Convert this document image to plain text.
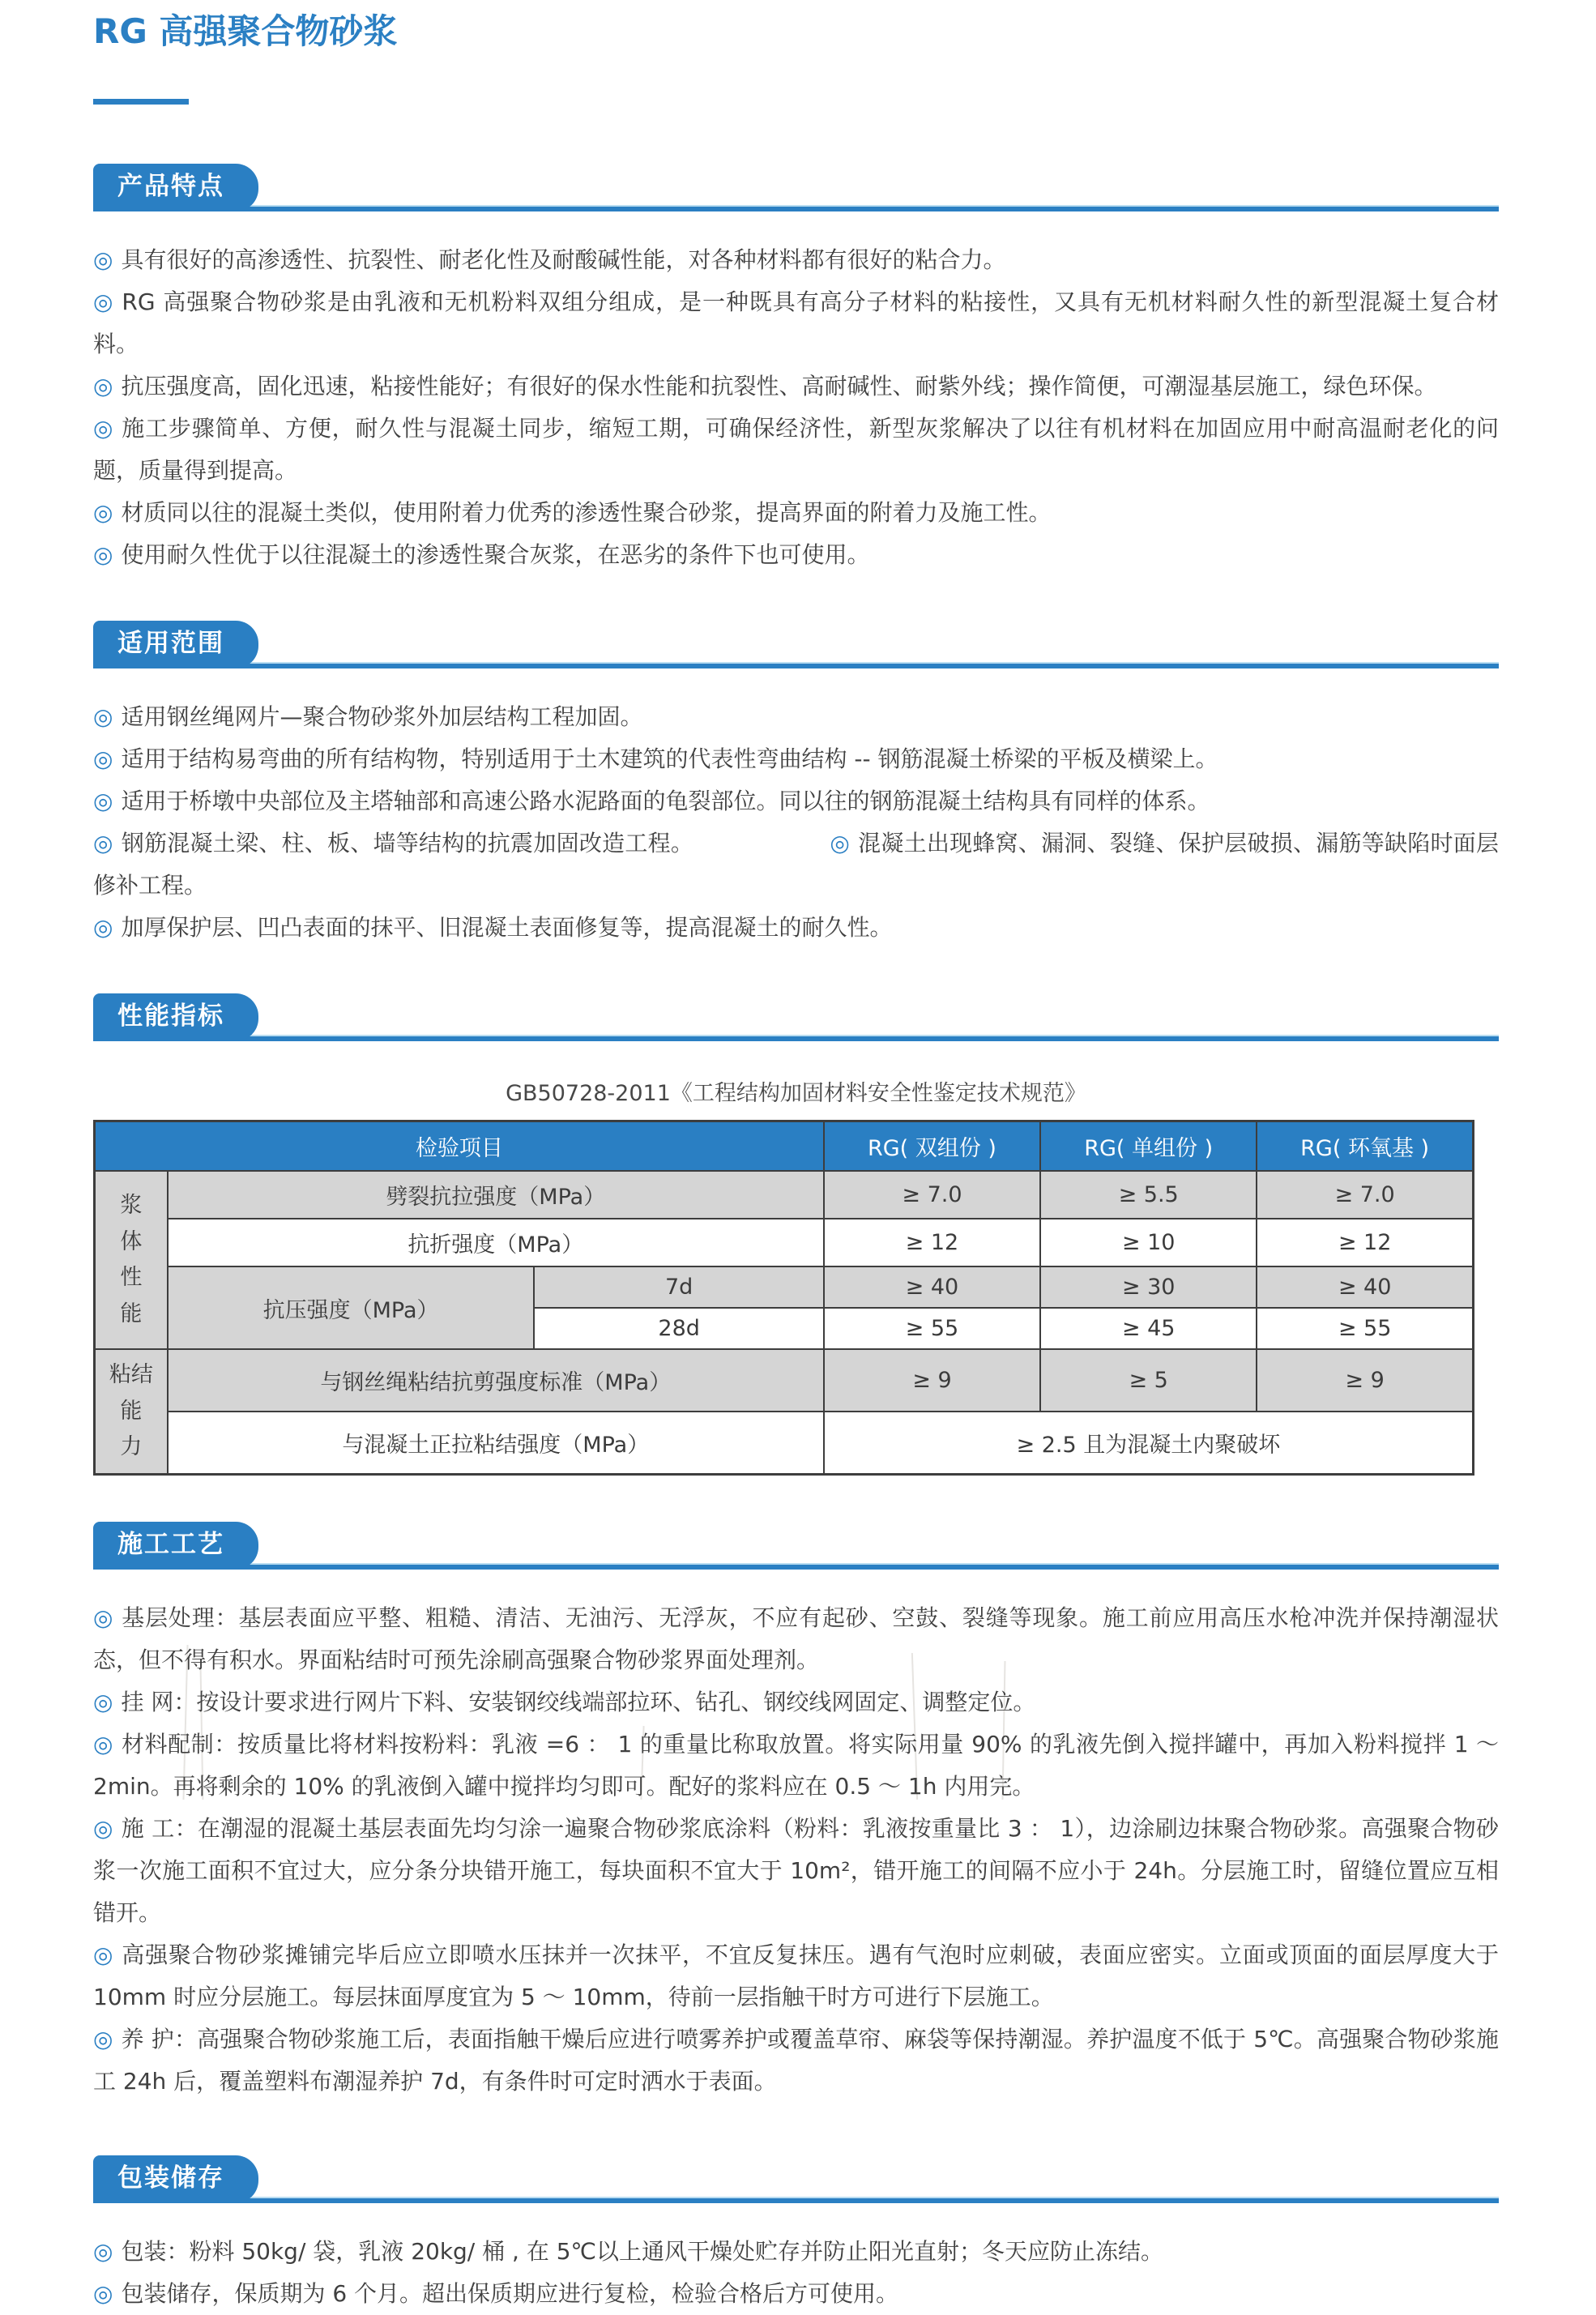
RG 高强聚合物砂浆
产品特点

◎ 具有很好的高渗透性、抗裂性、耐老化性及耐酸碱性能，对各种材料都有很好的粘合力。

◎ RG 高强聚合物砂浆是由乳液和无机粉料双组分组成，是一种既具有高分子材料的粘接性，又具有无机材料耐久性的新型混凝土复合材料。

◎ 抗压强度高，固化迅速，粘接性能好；有很好的保水性能和抗裂性、高耐碱性、耐紫外线；操作简便，可潮湿基层施工，绿色环保。

◎ 施工步骤简单、方便，耐久性与混凝土同步，缩短工期，可确保经济性，新型灰浆解决了以往有机材料在加固应用中耐高温耐老化的问题，质量得到提高。

◎ 材质同以往的混凝土类似，使用附着力优秀的渗透性聚合砂浆，提高界面的附着力及施工性。

◎ 使用耐久性优于以往混凝土的渗透性聚合灰浆，在恶劣的条件下也可使用。

适用范围

◎ 适用钢丝绳网片—聚合物砂浆外加层结构工程加固。

◎ 适用于结构易弯曲的所有结构物，特别适用于土木建筑的代表性弯曲结构 -- 钢筋混凝土桥梁的平板及横梁上。

◎ 适用于桥墩中央部位及主塔轴部和高速公路水泥路面的龟裂部位。同以往的钢筋混凝土结构具有同样的体系。

◎ 钢筋混凝土梁、柱、板、墙等结构的抗震加固改造工程。	◎ 混凝土出现蜂窝、漏洞、裂缝、保护层破损、漏筋等缺陷时面层修补工程。

◎ 加厚保护层、凹凸表面的抹平、旧混凝土表面修复等，提高混凝土的耐久性。

性能指标
GB50728-2011《工程结构加固材料安全性鉴定技术规范》
检验项目			RG( 双组份 )	RG( 单组份 )	RG( 环氧基 )

浆
体
性
能	劈裂抗拉强度（MPa）		≥ 7.0	≥ 5.5	≥ 7.0
	抗折强度（MPa）		≥ 12	≥ 10	≥ 12
	抗压强度（MPa）	7d	≥ 40	≥ 30	≥ 40
		28d	≥ 55	≥ 45	≥ 55

粘结能
力	与钢丝绳粘结抗剪强度标准（MPa）		≥ 9	≥ 5	≥ 9
	与混凝土正拉粘结强度（MPa）		≥ 2.5 且为混凝土内聚破坏		
施工工艺

◎ 基层处理：基层表面应平整、粗糙、清洁、无油污、无浮灰，不应有起砂、空鼓、裂缝等现象。施工前应用高压水枪冲洗并保持潮湿状态，但不得有积水。界面粘结时可预先涂刷高强聚合物砂浆界面处理剂。

◎ 挂 网：按设计要求进行网片下料、安装钢绞线端部拉环、钻孔、钢绞线网固定、调整定位。

◎ 材料配制：按质量比将材料按粉料：乳液 =6 ： 1 的重量比称取放置。将实际用量 90% 的乳液先倒入搅拌罐中，再加入粉料搅拌 1 ～ 2min。再将剩余的 10% 的乳液倒入罐中搅拌均匀即可。配好的浆料应在 0.5 ～ 1h 内用完。

◎ 施 工：在潮湿的混凝土基层表面先均匀涂一遍聚合物砂浆底涂料（粉料：乳液按重量比 3 ： 1），边涂刷边抹聚合物砂浆。高强聚合物砂浆一次施工面积不宜过大，应分条分块错开施工，每块面积不宜大于 10m²，错开施工的间隔不应小于 24h。分层施工时，留缝位置应互相错开。

◎ 高强聚合物砂浆摊铺完毕后应立即喷水压抹并一次抹平，不宜反复抹压。遇有气泡时应刺破，表面应密实。立面或顶面的面层厚度大于 10mm 时应分层施工。每层抹面厚度宜为 5 ～ 10mm，待前一层指触干时方可进行下层施工。

◎ 养 护：高强聚合物砂浆施工后，表面指触干燥后应进行喷雾养护或覆盖草帘、麻袋等保持潮湿。养护温度不低于 5℃。高强聚合物砂浆施工 24h 后，覆盖塑料布潮湿养护 7d，有条件时可定时洒水于表面。

包装储存

◎ 包装：粉料 50kg/ 袋，乳液 20kg/ 桶 , 在 5℃以上通风干燥处贮存并防止阳光直射；冬天应防止冻结。

◎ 包装储存，保质期为 6 个月。超出保质期应进行复检，检验合格后方可使用。
